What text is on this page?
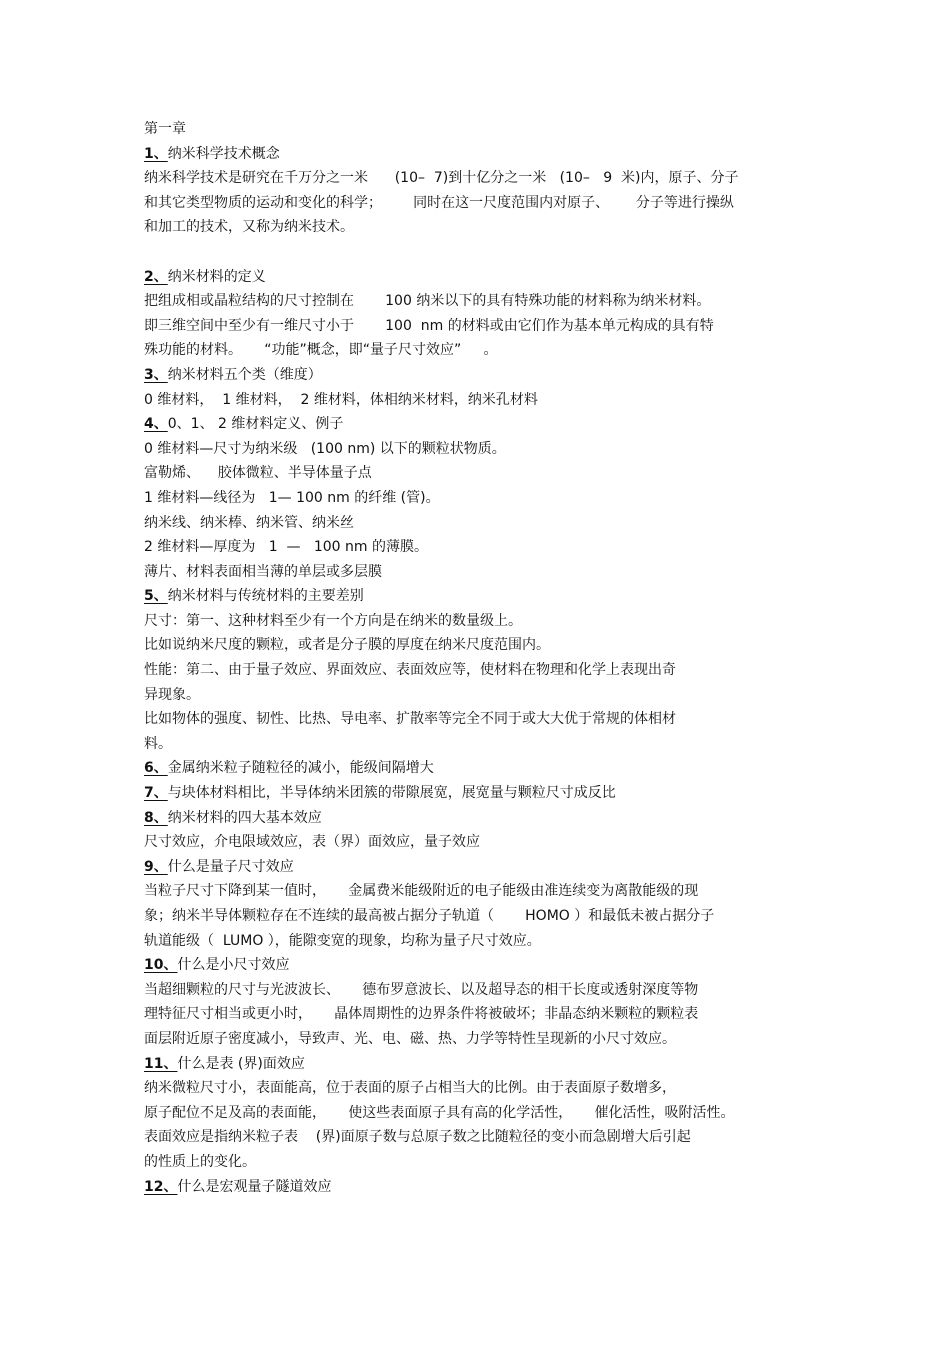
第一章
1、纳米科学技术概念
纳米科学技术是研究在千万分之一米      (10–  7)到十亿分之一米   (10–   9  米)内，原子、分子
和其它类型物质的运动和变化的科学；       同时在这一尺度范围内对原子、      分子等进行操纵
和加工的技术，又称为纳米技术。
2、纳米材料的定义
把组成相或晶粒结构的尺寸控制在       100 纳米以下的具有特殊功能的材料称为纳米材料。
即三维空间中至少有一维尺寸小于       100  nm 的材料或由它们作为基本单元构成的具有特
殊功能的材料。     “功能”概念，即“量子尺寸效应”     。
3、纳米材料五个类（维度）
0 维材料，  1 维材料，  2 维材料，体相纳米材料，纳米孔材料
4、0、1、 2 维材料定义、例子
0 维材料—尺寸为纳米级   (100 nm) 以下的颗粒状物质。
富勒烯、    胶体微粒、半导体量子点
1 维材料—线径为   1— 100 nm 的纤维 (管)。
纳米线、纳米棒、纳米管、纳米丝
2 维材料—厚度为   1  —   100 nm 的薄膜。
薄片、材料表面相当薄的单层或多层膜
5、纳米材料与传统材料的主要差别
尺寸：第一、这种材料至少有一个方向是在纳米的数量级上。
比如说纳米尺度的颗粒，或者是分子膜的厚度在纳米尺度范围内。
性能：第二、由于量子效应、界面效应、表面效应等，使材料在物理和化学上表现出奇
异现象。
比如物体的强度、韧性、比热、导电率、扩散率等完全不同于或大大优于常规的体相材
料。
6、金属纳米粒子随粒径的减小，能级间隔增大
7、与块体材料相比，半导体纳米团簇的带隙展宽，展宽量与颗粒尺寸成反比
8、纳米材料的四大基本效应
尺寸效应，介电限域效应，表（界）面效应，量子效应
9、什么是量子尺寸效应
当粒子尺寸下降到某一值时，     金属费米能级附近的电子能级由准连续变为离散能级的现
象；纳米半导体颗粒存在不连续的最高被占据分子轨道（       HOMO ）和最低未被占据分子
轨道能级（  LUMO ），能隙变宽的现象，均称为量子尺寸效应。
10、什么是小尺寸效应
当超细颗粒的尺寸与光波波长、     德布罗意波长、以及超导态的相干长度或透射深度等物
理特征尺寸相当或更小时，     晶体周期性的边界条件将被破坏；非晶态纳米颗粒的颗粒表
面层附近原子密度减小，导致声、光、电、磁、热、力学等特性呈现新的小尺寸效应。
11、什么是表 (界)面效应
纳米微粒尺寸小，表面能高，位于表面的原子占相当大的比例。由于表面原子数增多，
原子配位不足及高的表面能，     使这些表面原子具有高的化学活性，     催化活性，吸附活性。
表面效应是指纳米粒子表    (界)面原子数与总原子数之比随粒径的变小而急剧增大后引起
的性质上的变化。
12、什么是宏观量子隧道效应
